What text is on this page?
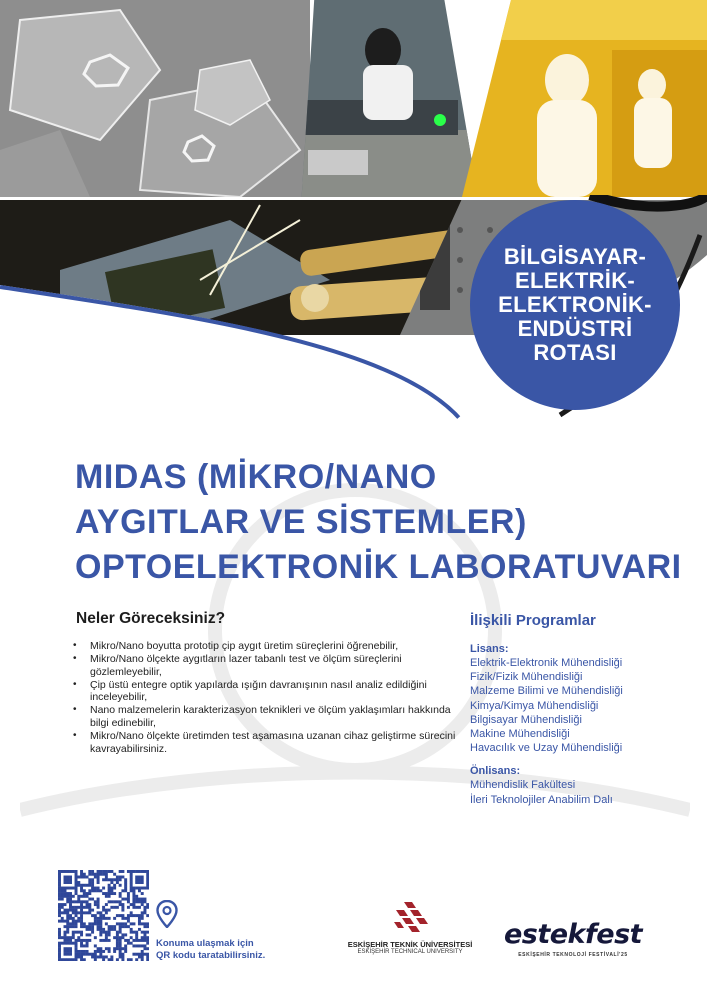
BİLGİSAYAR-
ELEKTRİK-
ELEKTRONİK-
ENDÜSTRİ
ROTASI
MIDAS (MİKRO/NANO
AYGITLAR VE SİSTEMLER)
OPTOELEKTRONİK LABORATUVARI
Neler Göreceksiniz?
• Mikro/Nano boyutta prototip çip aygıt üretim süreçlerini öğrenebilir,
• Mikro/Nano ölçekte aygıtların lazer tabanlı test ve ölçüm süreçlerini gözlemleyebilir,
• Çip üstü entegre optik yapılarda ışığın davranışının nasıl analiz edildiğini inceleyebilir,
• Nano malzemelerin karakterizasyon teknikleri ve ölçüm yaklaşımları hakkında bilgi edinebilir,
• Mikro/Nano ölçekte üretimden test aşamasına uzanan cihaz geliştirme sürecini kavrayabilirsiniz.
İlişkili Programlar
Lisans:
Elektrik-Elektronik Mühendisliği
Fizik/Fizik Mühendisliği
Malzeme Bilimi ve Mühendisliği
Kimya/Kimya Mühendisliği
Bilgisayar Mühendisliği
Makine Mühendisliği
Havacılık ve Uzay Mühendisliği
Önlisans:
Mühendislik Fakültesi
İleri Teknolojiler Anabilim Dalı
Konuma ulaşmak için
QR kodu taratabilirsiniz.
ESKİŞEHİR TEKNİK ÜNİVERSİTESİ
ESKİŞEHİR TECHNICAL UNIVERSITY
estekfest
ESKİŞEHİR TEKNOLOJİ FESTİVALİ'25
